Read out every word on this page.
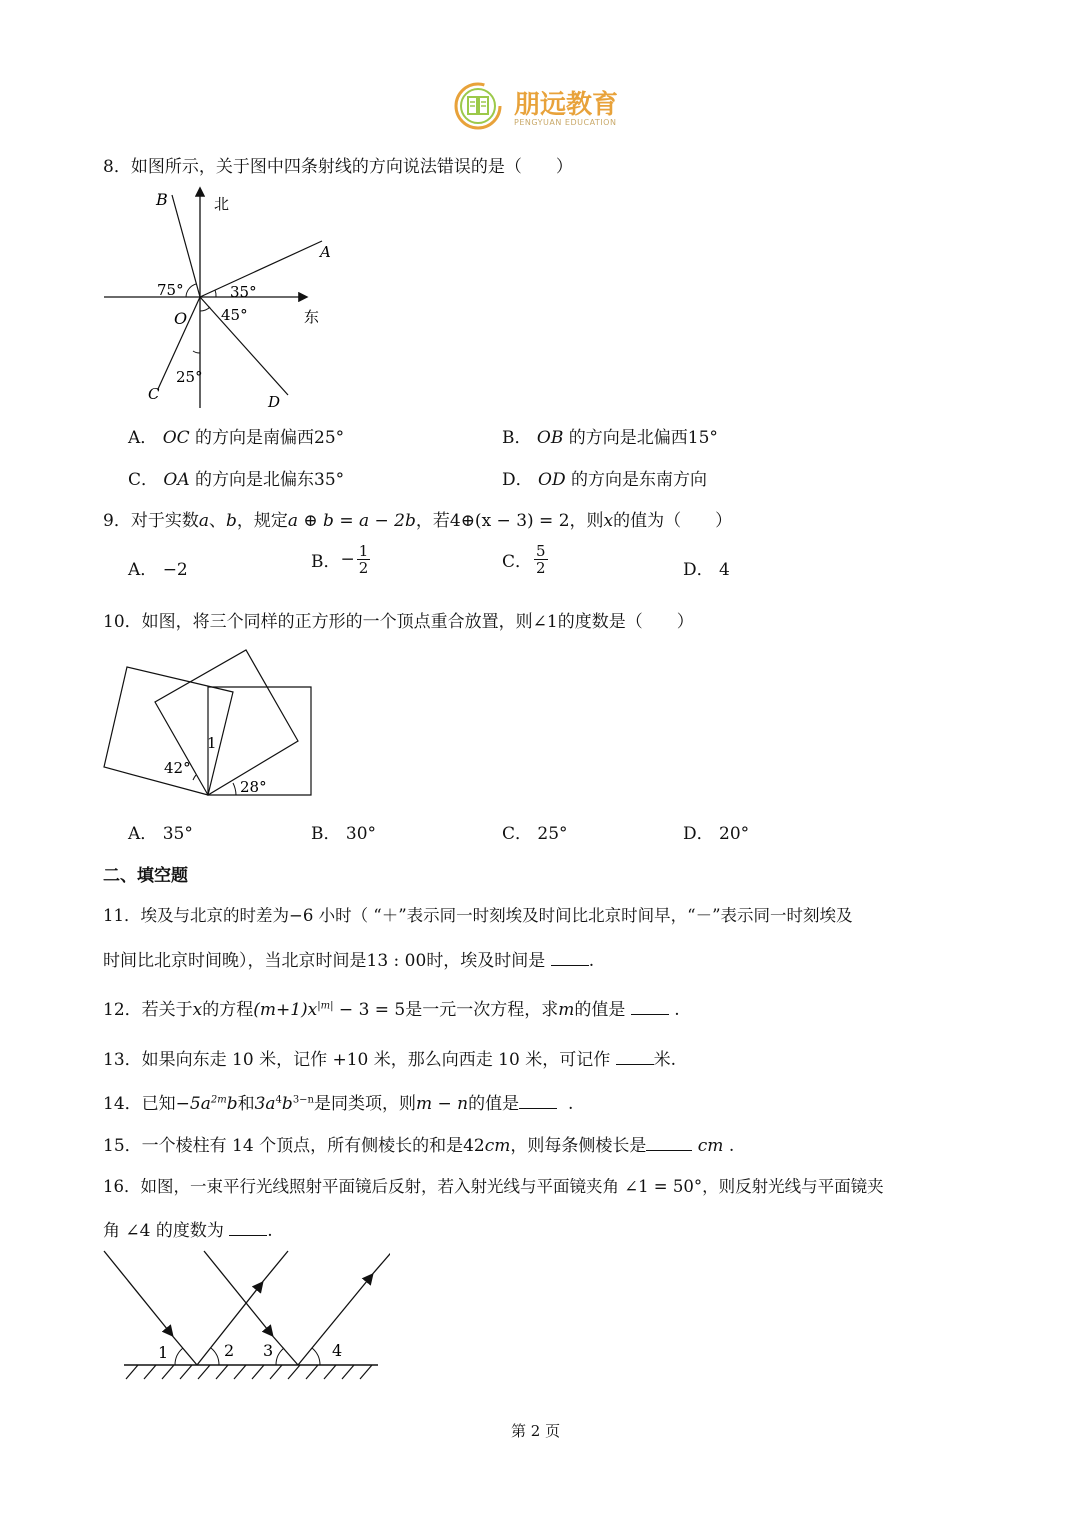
朋远教育
PENGYUAN EDUCATION
8．如图所示，关于图中四条射线的方向说法错误的是（　　）
B	北
A
75°	35°
45°
O	东
25°
C	D
A． OC 的方向是南偏西25°	B． OB 的方向是北偏西15°
C． OA 的方向是北偏东35°	D． OD 的方向是东南方向
9．对于实数a、b，规定a ⊕ b = a − 2b，若4⊕(x − 3) = 2，则x的值为（　　）
A． −2	B．− $\frac{1}{2}$	C． $\frac{5}{2}$	D． 4
10．如图，将三个同样的正方形的一个顶点重合放置，则∠1的度数是（　　）
42°
1
28°
A． 35°	B． 30°	C． 25°	D． 20°
二、填空题
11．埃及与北京的时差为−6 小时（ “＋”表示同一时刻埃及时间比北京时间早，“－”表示同一时刻埃及
时间比北京时间晚），当北京时间是13 : 00时，埃及时间是	.
12．若关于x的方程$(m+1)x^{|m|} - 3 = 5$是一元一次方程，求m的值是	.
13．如果向东走 10 米，记作 +10 米，那么向西走 10 米，可记作	米.
14．已知$-5a^{2m}b$和$3a^4b^{3-n}$是同类项，则m − n的值是	.
15．一个棱柱有 14 个顶点，所有侧棱长的和是42cm，则每条侧棱长是	cm .
16．如图，一束平行光线照射平面镜后反射，若入射光线与平面镜夹角 ∠1 = 50°，则反射光线与平面镜夹
角 ∠4 的度数为	.
1	2 3	4
第 2 页
